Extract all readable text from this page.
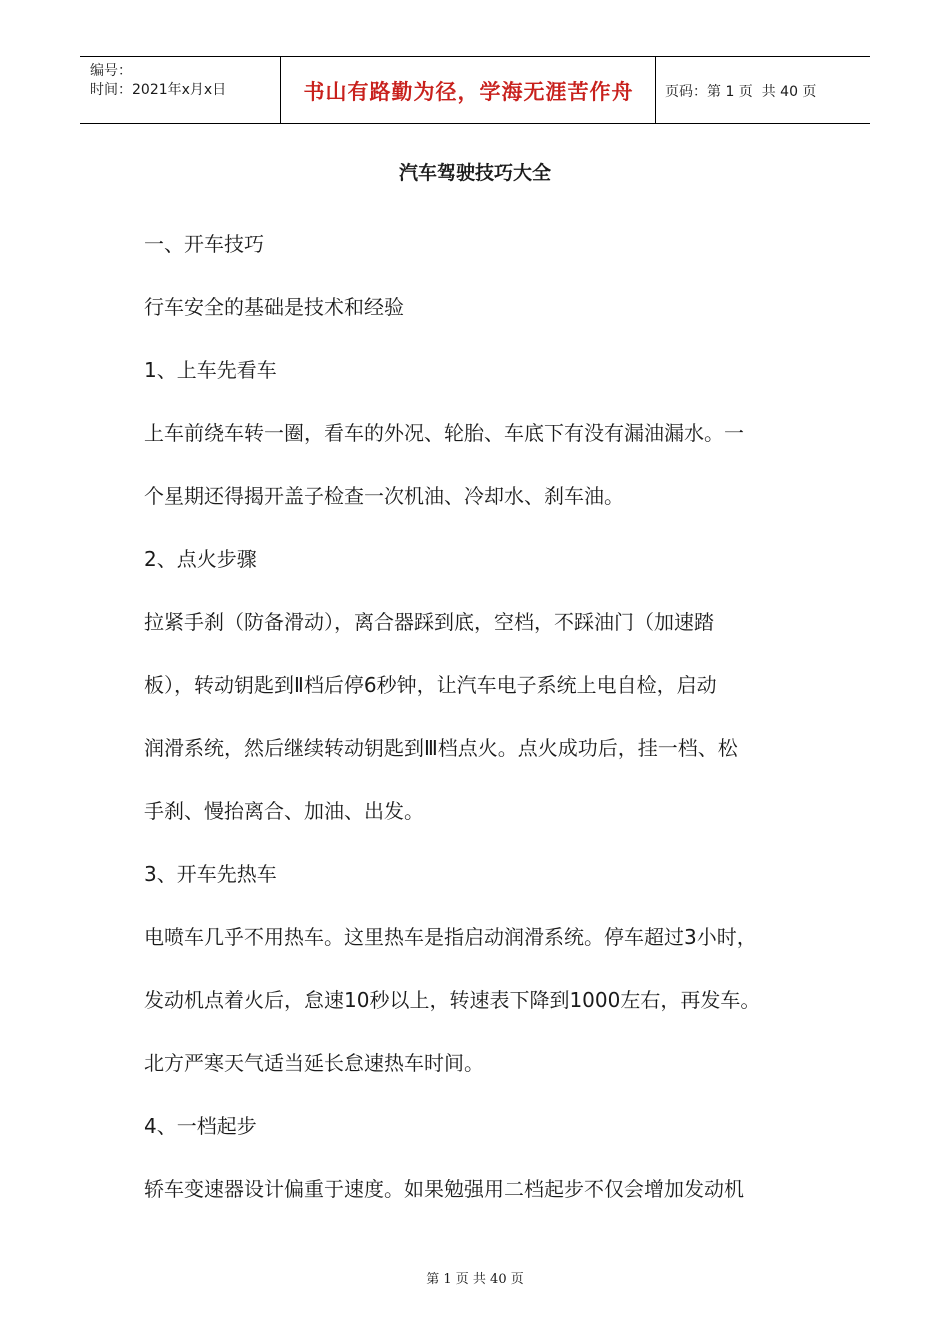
编号：
时间：2021年x月x日	书山有路勤为径，学海无涯苦作舟	页码：第 1 页  共 40 页
汽车驾驶技巧大全

一、开车技巧

行车安全的基础是技术和经验

1、上车先看车

上车前绕车转一圈，看车的外况、轮胎、车底下有没有漏油漏水。一

个星期还得揭开盖子检查一次机油、冷却水、刹车油。

2、点火步骤

拉紧手刹（防备滑动），离合器踩到底，空档，不踩油门（加速踏

板），转动钥匙到Ⅱ档后停6秒钟，让汽车电子系统上电自检，启动

润滑系统，然后继续转动钥匙到Ⅲ档点火。点火成功后，挂一档、松

手刹、慢抬离合、加油、出发。

3、开车先热车

电喷车几乎不用热车。这里热车是指启动润滑系统。停车超过3小时，

发动机点着火后，怠速10秒以上，转速表下降到1000左右，再发车。

北方严寒天气适当延长怠速热车时间。

4、一档起步

轿车变速器设计偏重于速度。如果勉强用二档起步不仅会增加发动机

第 1 页 共 40 页
